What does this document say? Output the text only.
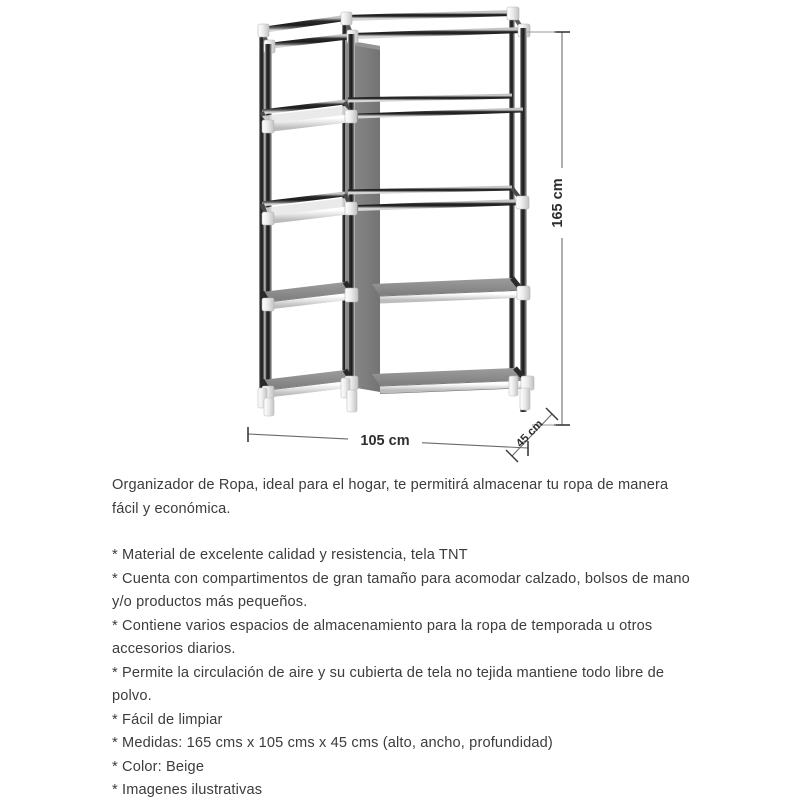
165 cm
105 cm	45 cm

Organizador de Ropa, ideal para el hogar, te permitirá almacenar tu ropa de manera fácil y económica.

* Material de excelente calidad y resistencia, tela TNT

* Cuenta con compartimentos de gran tamaño para acomodar calzado, bolsos de mano y/o productos más pequeños.

* Contiene varios espacios de almacenamiento para la ropa de temporada u otros accesorios diarios.

* Permite la circulación de aire y su cubierta de tela no tejida mantiene todo libre de polvo.

* Fácil de limpiar

* Medidas: 165 cms x 105 cms x 45 cms (alto, ancho, profundidad)

* Color: Beige

* Imagenes ilustrativas
